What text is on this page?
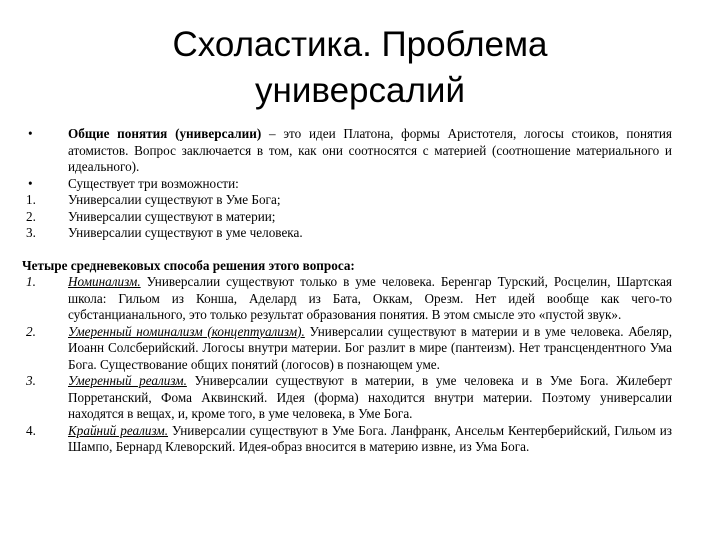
Схоластика. Проблема
универсалий
•	Общие понятия (универсалии) – это идеи Платона, формы Аристотеля, логосы стоиков, понятия атомистов. Вопрос заключается в том, как они соотносятся с материей (соотношение материального и идеального).
•	Существует три возможности:
1.	Универсалии существуют в Уме Бога;
2.	Универсалии существуют в материи;
3.	Универсалии существуют в уме человека.
Четыре средневековых способа решения этого вопроса:
1.	Номинализм. Универсалии существуют только в уме человека. Беренгар Турский, Росцелин, Шартская школа: Гильом из Конша, Аделард из Бата, Оккам, Орезм. Нет идей вообще как чего-то субстанцианального, это только результат образования понятия. В этом смысле это «пустой звук».
2.	Умеренный номинализм (концептуализм). Универсалии существуют в материи и в уме человека. Абеляр, Иоанн Солсберийский. Логосы внутри материи. Бог разлит в мире (пантеизм). Нет трансцендентного Ума Бога. Существование общих понятий (логосов) в познающем уме.
3.	Умеренный реализм. Универсалии существуют в материи, в уме человека и в Уме Бога. Жилеберт Порретанский, Фома Аквинский. Идея (форма) находится внутри материи. Поэтому универсалии находятся в вещах, и, кроме того, в уме человека, в Уме Бога.
4.	Крайний реализм. Универсалии существуют в Уме Бога. Ланфранк, Ансельм Кентерберийский, Гильом из Шампо, Бернард Клеворский. Идея-образ вносится в материю извне, из Ума Бога.
